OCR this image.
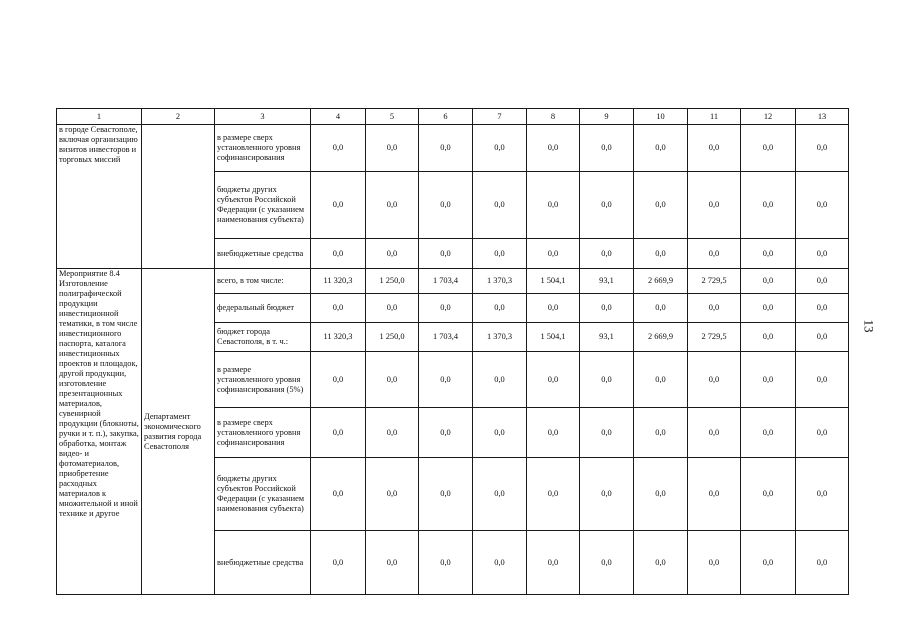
1	2	3	4	5	6	7	8	9	10	11	12	13
в городе Севастополе, включая организацию визитов инвесторов и торговых миссий		в размере сверх установленного уровня софинансирования	0,0	0,0	0,0	0,0	0,0	0,0	0,0	0,0	0,0	0,0
		бюджеты других субъектов Российской Федерации (с указанием наименования субъекта)	0,0	0,0	0,0	0,0	0,0	0,0	0,0	0,0	0,0	0,0
		внебюджетные средства	0,0	0,0	0,0	0,0	0,0	0,0	0,0	0,0	0,0	0,0
Мероприятие 8.4 Изготовление полиграфической продукции инвестиционной тематики, в том числе инвестиционного паспорта, каталога инвестиционных проектов и площадок, другой продукции, изготовление презентационных материалов, сувенирной продукции (блокноты, ручки и т. п.), закупка, обработка, монтаж видео- и фотоматериалов, приобретение расходных материалов к множительной и иной технике и другое	Департамент экономического развития города Севастополя	всего, в том числе:	11 320,3	1 250,0	1 703,4	1 370,3	1 504,1	93,1	2 669,9	2 729,5	0,0	0,0
		федеральный бюджет	0,0	0,0	0,0	0,0	0,0	0,0	0,0	0,0	0,0	0,0
		бюджет города Севастополя, в т. ч.:	11 320,3	1 250,0	1 703,4	1 370,3	1 504,1	93,1	2 669,9	2 729,5	0,0	0,0
		в размере установленного уровня софинансирования (5%)	0,0	0,0	0,0	0,0	0,0	0,0	0,0	0,0	0,0	0,0
		в размере сверх установленного уровня софинансирования	0,0	0,0	0,0	0,0	0,0	0,0	0,0	0,0	0,0	0,0
		бюджеты других субъектов Российской Федерации (с указанием наименования субъекта)	0,0	0,0	0,0	0,0	0,0	0,0	0,0	0,0	0,0	0,0
		внебюджетные средства	0,0	0,0	0,0	0,0	0,0	0,0	0,0	0,0	0,0	0,0
13
